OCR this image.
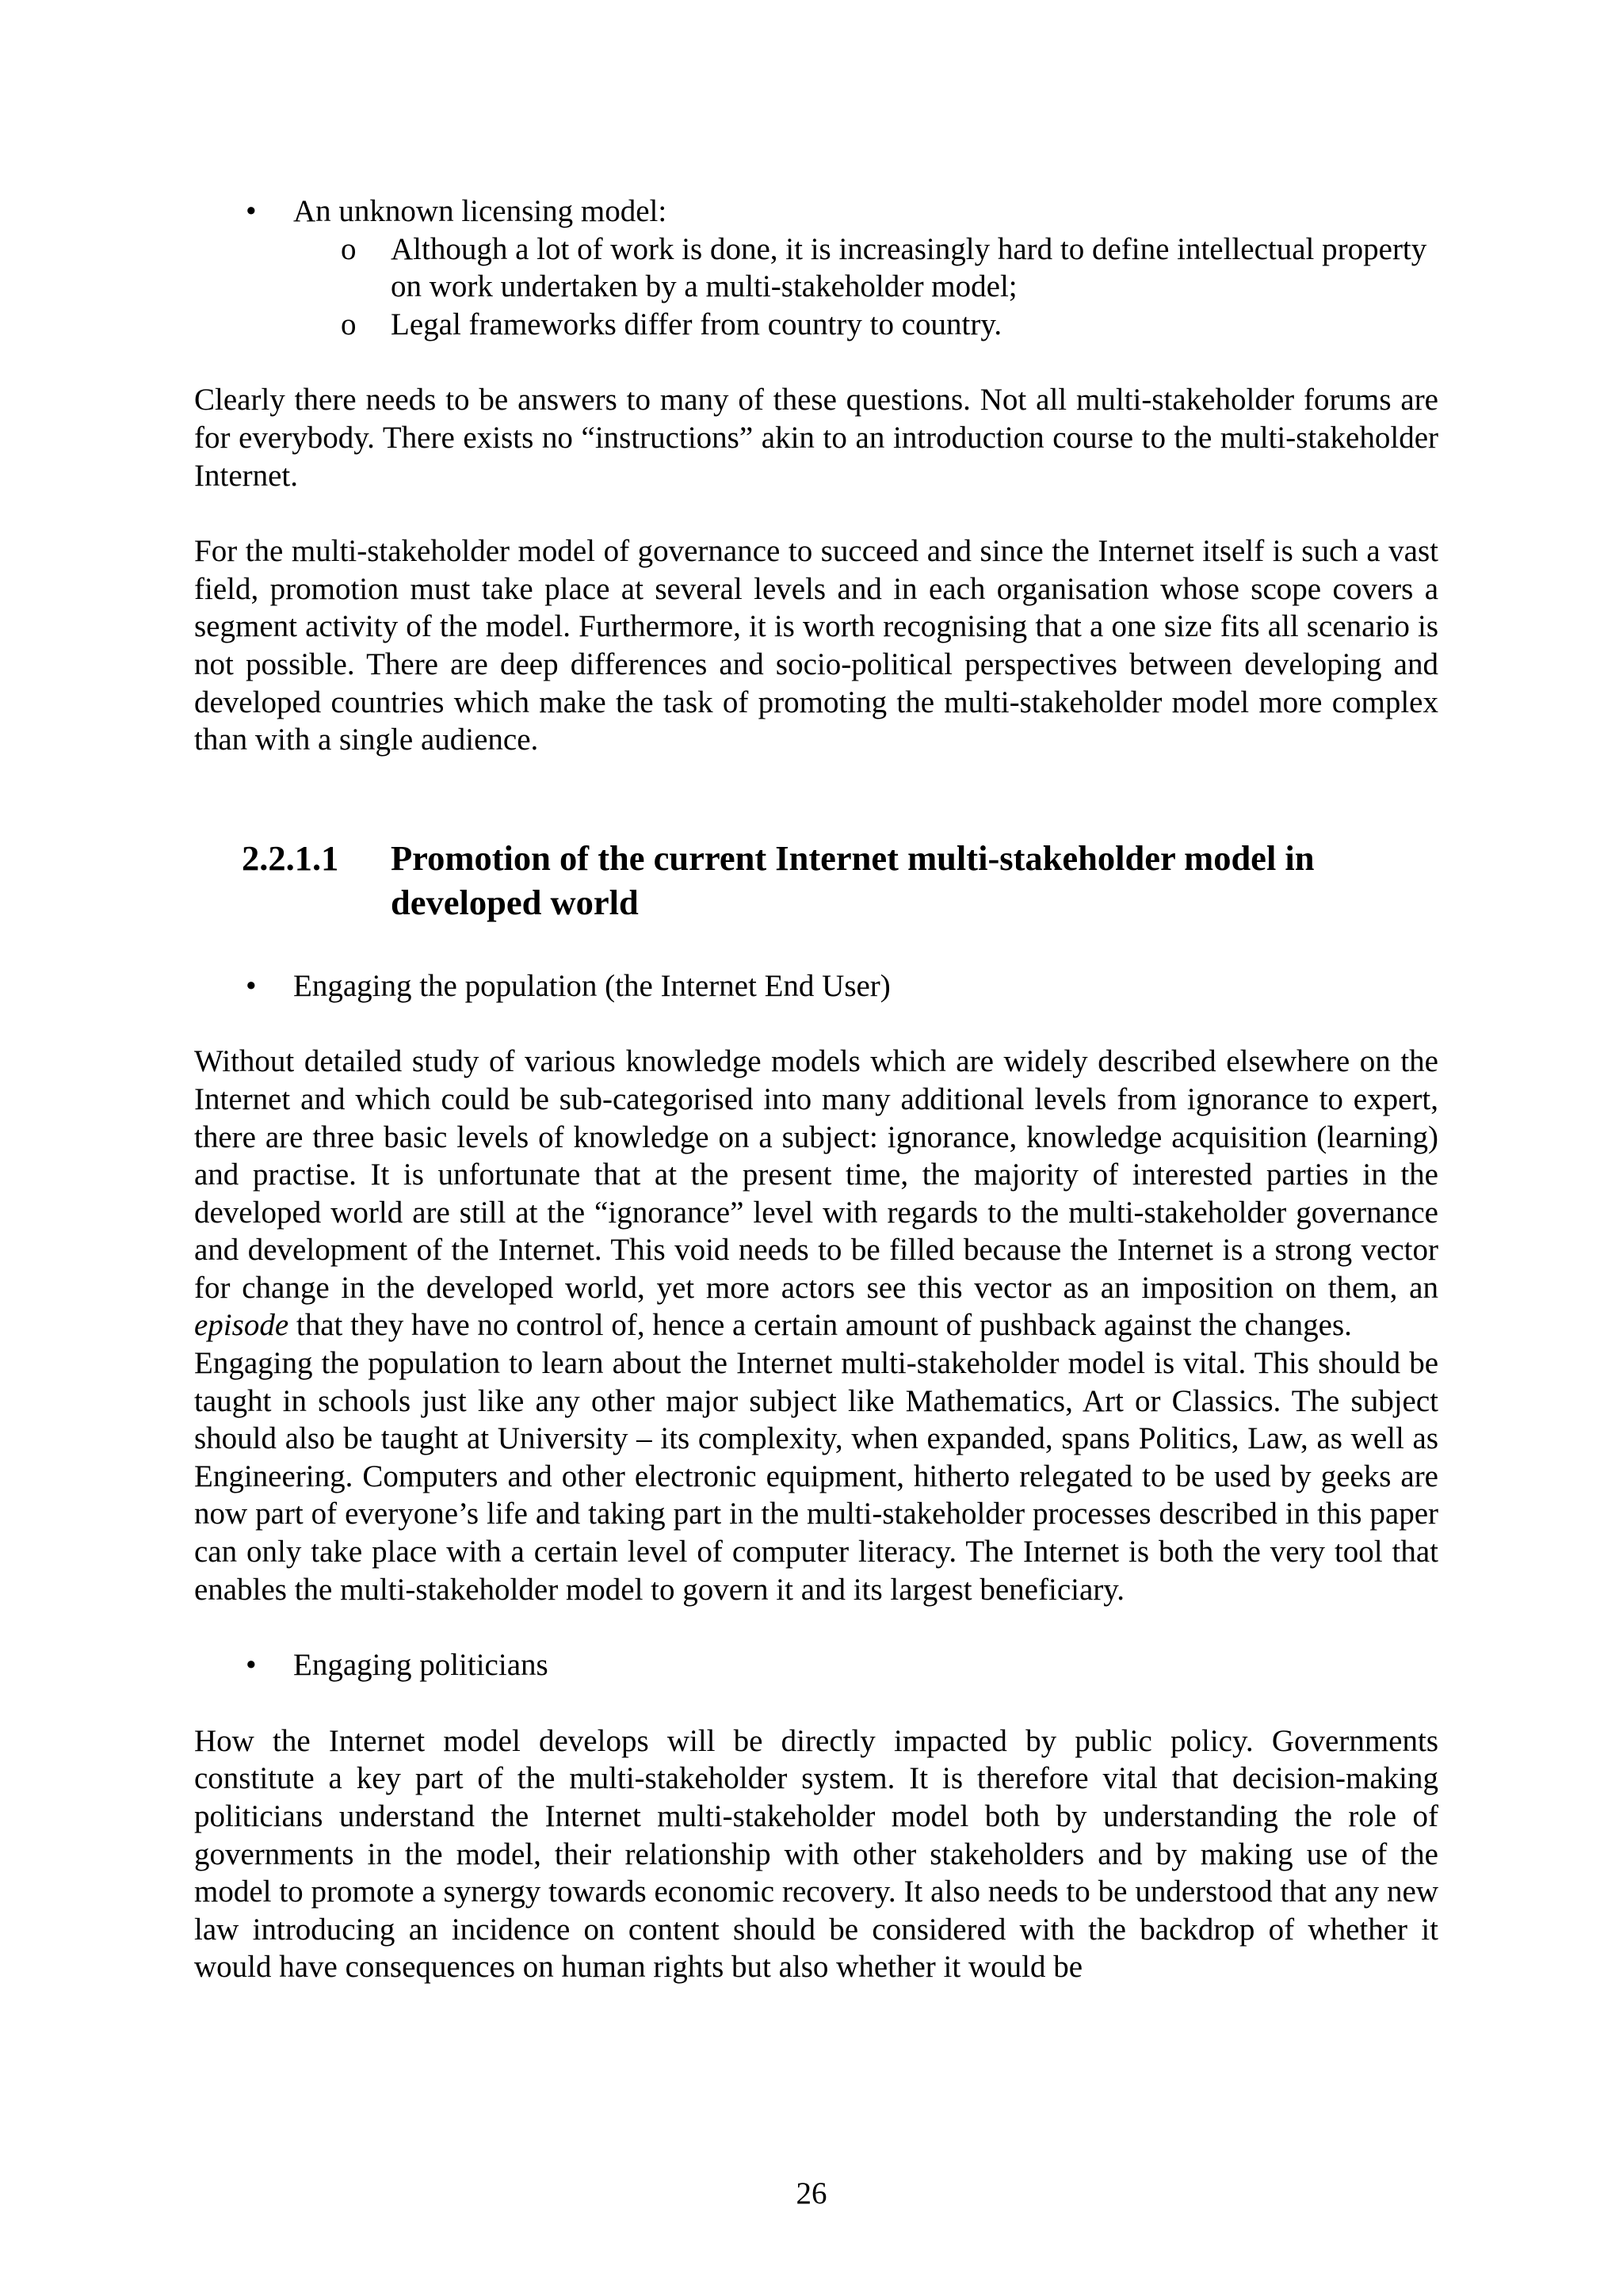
• An unknown licensing model:
o Although a lot of work is done, it is increasingly hard to define intellectual property on work undertaken by a multi-stakeholder model;
o Legal frameworks differ from country to country.

Clearly there needs to be answers to many of these questions. Not all multi-stakeholder forums are for everybody. There exists no “instructions” akin to an introduction course to the multi-stakeholder Internet.

For the multi-stakeholder model of governance to succeed and since the Internet itself is such a vast field, promotion must take place at several levels and in each organisation whose scope covers a segment activity of the model. Furthermore, it is worth recognising that a one size fits all scenario is not possible. There are deep differences and socio-political perspectives between developing and developed countries which make the task of promoting the multi-stakeholder model more complex than with a single audience.

2.2.1.1 Promotion of the current Internet multi-stakeholder model in developed world
• Engaging the population (the Internet End User)

Without detailed study of various knowledge models which are widely described elsewhere on the Internet and which could be sub-categorised into many additional levels from ignorance to expert, there are three basic levels of knowledge on a subject: ignorance, knowledge acquisition (learning) and practise. It is unfortunate that at the present time, the majority of interested parties in the developed world are still at the “ignorance” level with regards to the multi-stakeholder governance and development of the Internet. This void needs to be filled because the Internet is a strong vector for change in the developed world, yet more actors see this vector as an imposition on them, an episode that they have no control of, hence a certain amount of pushback against the changes.

Engaging the population to learn about the Internet multi-stakeholder model is vital. This should be taught in schools just like any other major subject like Mathematics, Art or Classics. The subject should also be taught at University – its complexity, when expanded, spans Politics, Law, as well as Engineering. Computers and other electronic equipment, hitherto relegated to be used by geeks are now part of everyone’s life and taking part in the multi-stakeholder processes described in this paper can only take place with a certain level of computer literacy. The Internet is both the very tool that enables the multi-stakeholder model to govern it and its largest beneficiary.

• Engaging politicians

How the Internet model develops will be directly impacted by public policy. Governments constitute a key part of the multi-stakeholder system. It is therefore vital that decision-making politicians understand the Internet multi-stakeholder model both by understanding the role of governments in the model, their relationship with other stakeholders and by making use of the model to promote a synergy towards economic recovery. It also needs to be understood that any new law introducing an incidence on content should be considered with the backdrop of whether it would have consequences on human rights but also whether it would be

26
